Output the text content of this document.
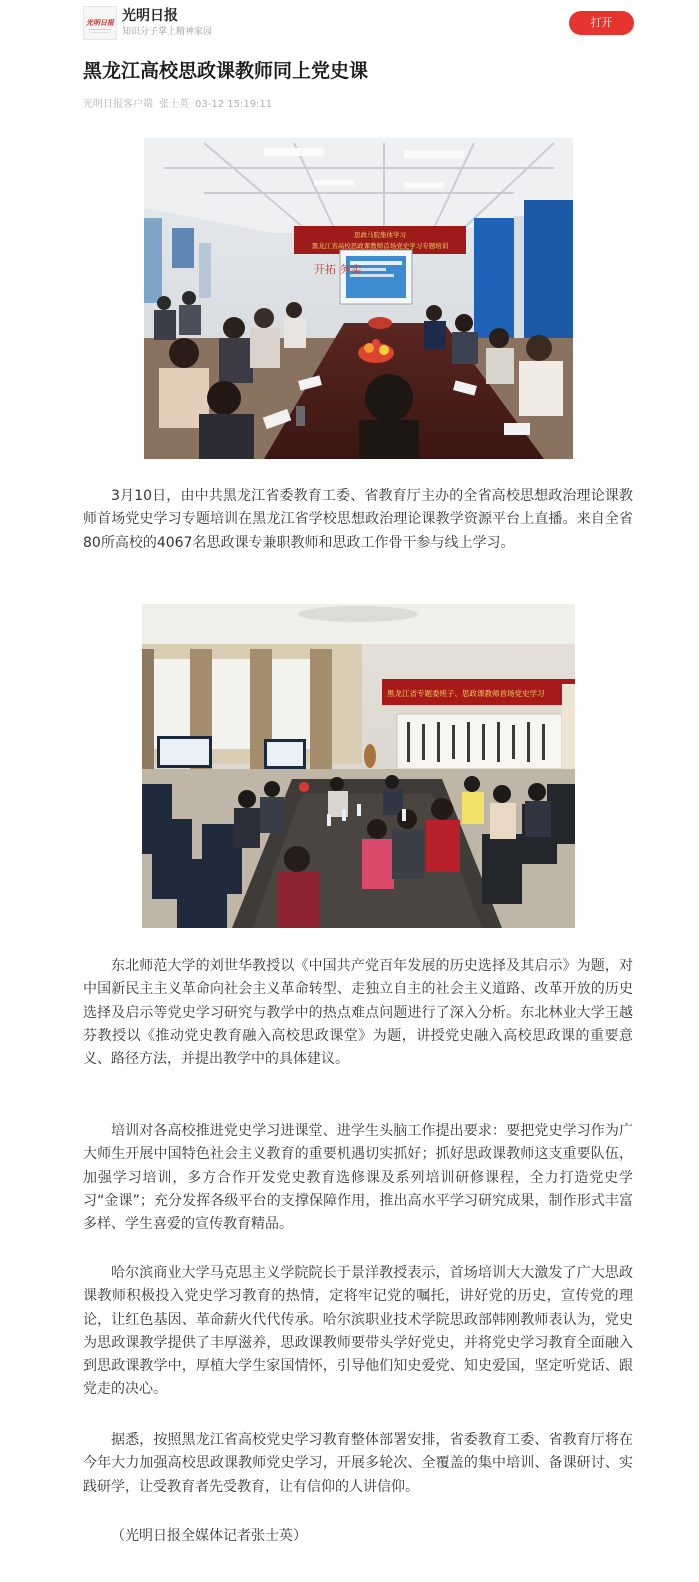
光明日报 光明日报
知识分子掌上精神家园
打开
黑龙江高校思政课教师同上党史课
光明日报客户端 张士英 03-12 15:19:11
思政马院集体学习
黑龙江省高校思政课教师首场党史学习专题培训
开拓 务实

3月10日，由中共黑龙江省委教育工委、省教育厅主办的全省高校思想政治理论课教师首场党史学习专题培训在黑龙江省学校思想政治理论课教学资源平台上直播。来自全省80所高校的4067名思政课专兼职教师和思政工作骨干参与线上学习。

黑龙江省专题委班子、思政课教师首场党史学习

东北师范大学的刘世华教授以《中国共产党百年发展的历史选择及其启示》为题，对中国新民主主义革命向社会主义革命转型、走独立自主的社会主义道路、改革开放的历史选择及启示等党史学习研究与教学中的热点难点问题进行了深入分析。东北林业大学王越芬教授以《推动党史教育融入高校思政课堂》为题，讲授党史融入高校思政课的重要意义、路径方法，并提出教学中的具体建议。

培训对各高校推进党史学习进课堂、进学生头脑工作提出要求：要把党史学习作为广大师生开展中国特色社会主义教育的重要机遇切实抓好；抓好思政课教师这支重要队伍，加强学习培训，多方合作开发党史教育选修课及系列培训研修课程，全力打造党史学习“金课”；充分发挥各级平台的支撑保障作用，推出高水平学习研究成果，制作形式丰富多样、学生喜爱的宣传教育精品。

哈尔滨商业大学马克思主义学院院长于景洋教授表示，首场培训大大激发了广大思政课教师积极投入党史学习教育的热情，定将牢记党的嘱托，讲好党的历史，宣传党的理论，让红色基因、革命薪火代代传承。哈尔滨职业技术学院思政部韩刚教师表认为，党史为思政课教学提供了丰厚滋养，思政课教师要带头学好党史，并将党史学习教育全面融入到思政课教学中，厚植大学生家国情怀，引导他们知史爱党、知史爱国，坚定听党话、跟党走的决心。

据悉，按照黑龙江省高校党史学习教育整体部署安排，省委教育工委、省教育厅将在今年大力加强高校思政课教师党史学习，开展多轮次、全覆盖的集中培训、备课研讨、实践研学，让受教育者先受教育，让有信仰的人讲信仰。

（光明日报全媒体记者张士英）
